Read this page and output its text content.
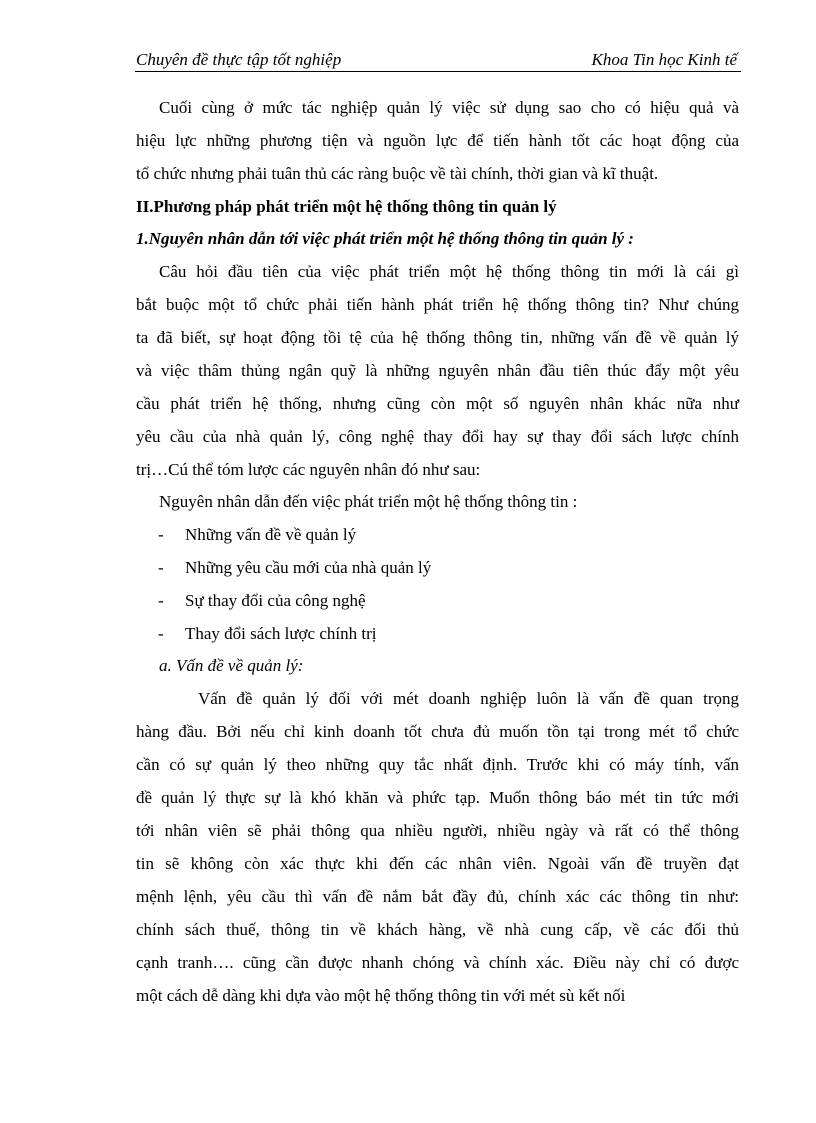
Chuyên đề thực tập tốt nghiệp	Khoa Tin học Kinh tế
Cuối cùng ở mức tác nghiệp quản lý việc sử dụng sao cho có hiệu quả và
hiệu lực những phương tiện và nguồn lực để tiến hành tốt các hoạt động của
tổ chức nhưng phải tuân thủ các ràng buộc về tài chính, thời gian và kĩ thuật.
II.Phương pháp phát triển một hệ thống thông tin quản lý
1.Nguyên nhân dẫn tới việc phát triển một hệ thống thông tin quản lý :
Câu hỏi đầu tiên của việc phát triển một hệ thống thông tin mới là cái gì
bắt buộc một tổ chức phải tiến hành phát triển hệ thống thông tin? Như chúng
ta đã biết, sự hoạt động tồi tệ của hệ thống thông tin, những vấn đề về quản lý
và việc thâm thủng ngân quỹ là những nguyên nhân đầu tiên thúc đẩy một yêu
cầu phát triển hệ thống, nhưng cũng còn một số nguyên nhân khác nữa như
yêu cầu của nhà quản lý, công nghệ thay đổi hay sự thay đổi sách lược chính
trị…Cú thể tóm lược các nguyên nhân đó như sau:
Nguyên nhân dẫn đến việc phát triển một hệ thống thông tin :
- Những vấn đề về quản lý
- Những yêu cầu mới của nhà quản lý
- Sự thay đổi của công nghệ
- Thay đổi sách lược chính trị
a. Vấn đề về quản lý:
Vấn đề quản lý đối với mét doanh nghiệp luôn là vấn đề quan trọng
hàng đầu. Bởi nếu chỉ kinh doanh tốt chưa đủ muốn tồn tại trong mét tổ chức
cần có sự quản lý theo những quy tắc nhất định. Trước khi có máy tính, vấn
đề quản lý thực sự là khó khăn và phức tạp. Muốn thông báo mét tin tức mới
tới nhân viên sẽ phải thông qua nhiều người, nhiều ngày và rất có thể thông
tin sẽ không còn xác thực khi đến các nhân viên. Ngoài vấn đề truyền đạt
mệnh lệnh, yêu cầu thì vấn đề nắm bắt đầy đủ, chính xác các thông tin như:
chính sách thuế, thông tin về khách hàng, về nhà cung cấp, về các đối thủ
cạnh tranh…. cũng cần được nhanh chóng và chính xác. Điều này chỉ có được
một cách dễ dàng khi dựa vào một hệ thống thông tin với mét sù kết nối
